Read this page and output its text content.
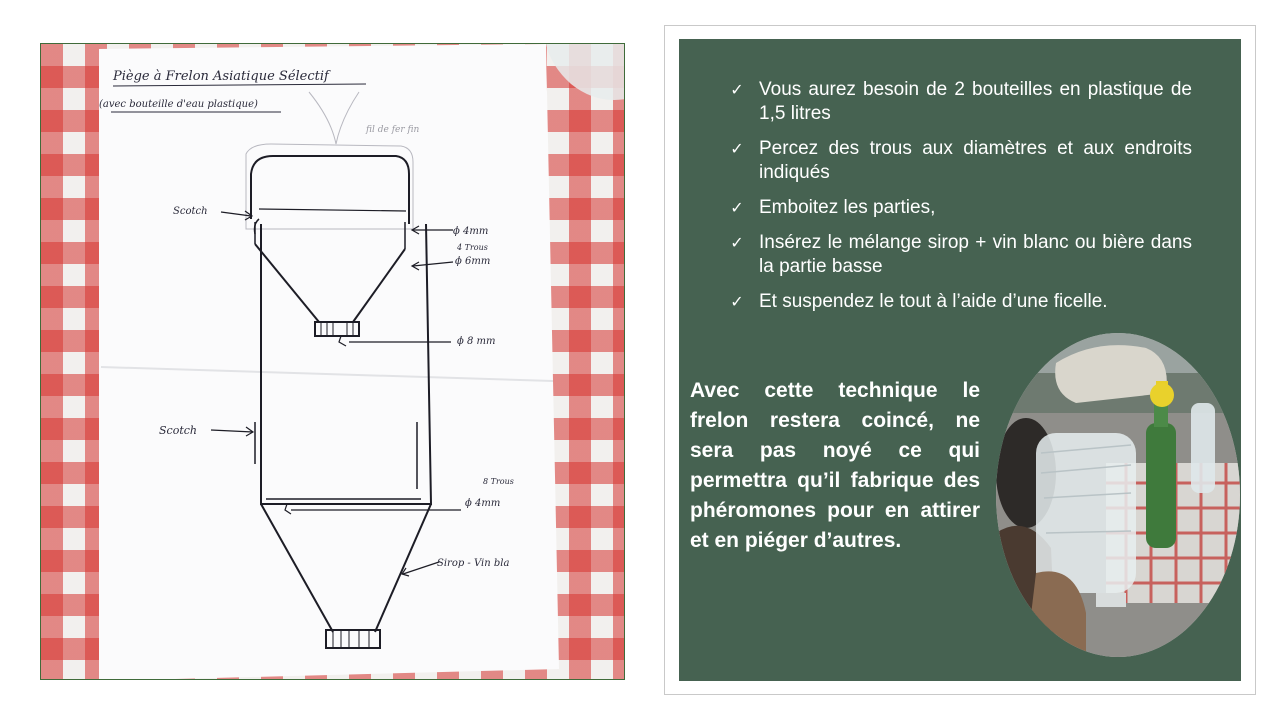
Piège à Frelon Asiatique Sélectif
(avec bouteille d'eau plastique)
fil de fer fin
Scotch
ϕ 4mm
4 Trous
ϕ 6mm
ϕ 8 mm
Scotch
8 Trous
ϕ 4mm
Sirop - Vin bla
✓ Vous aurez besoin de 2 bouteilles en plastique de 1,5 litres
✓ Percez des trous aux diamètres et aux endroits indiqués
✓ Emboitez les parties,
✓ Insérez le mélange sirop + vin blanc ou bière dans la partie basse
✓ Et suspendez le tout à l’aide d’une ficelle.

Avec cette technique le frelon restera coincé, ne sera pas noyé ce qui permettra qu’il fabrique des phéromones pour en attirer et en piéger d’autres.
